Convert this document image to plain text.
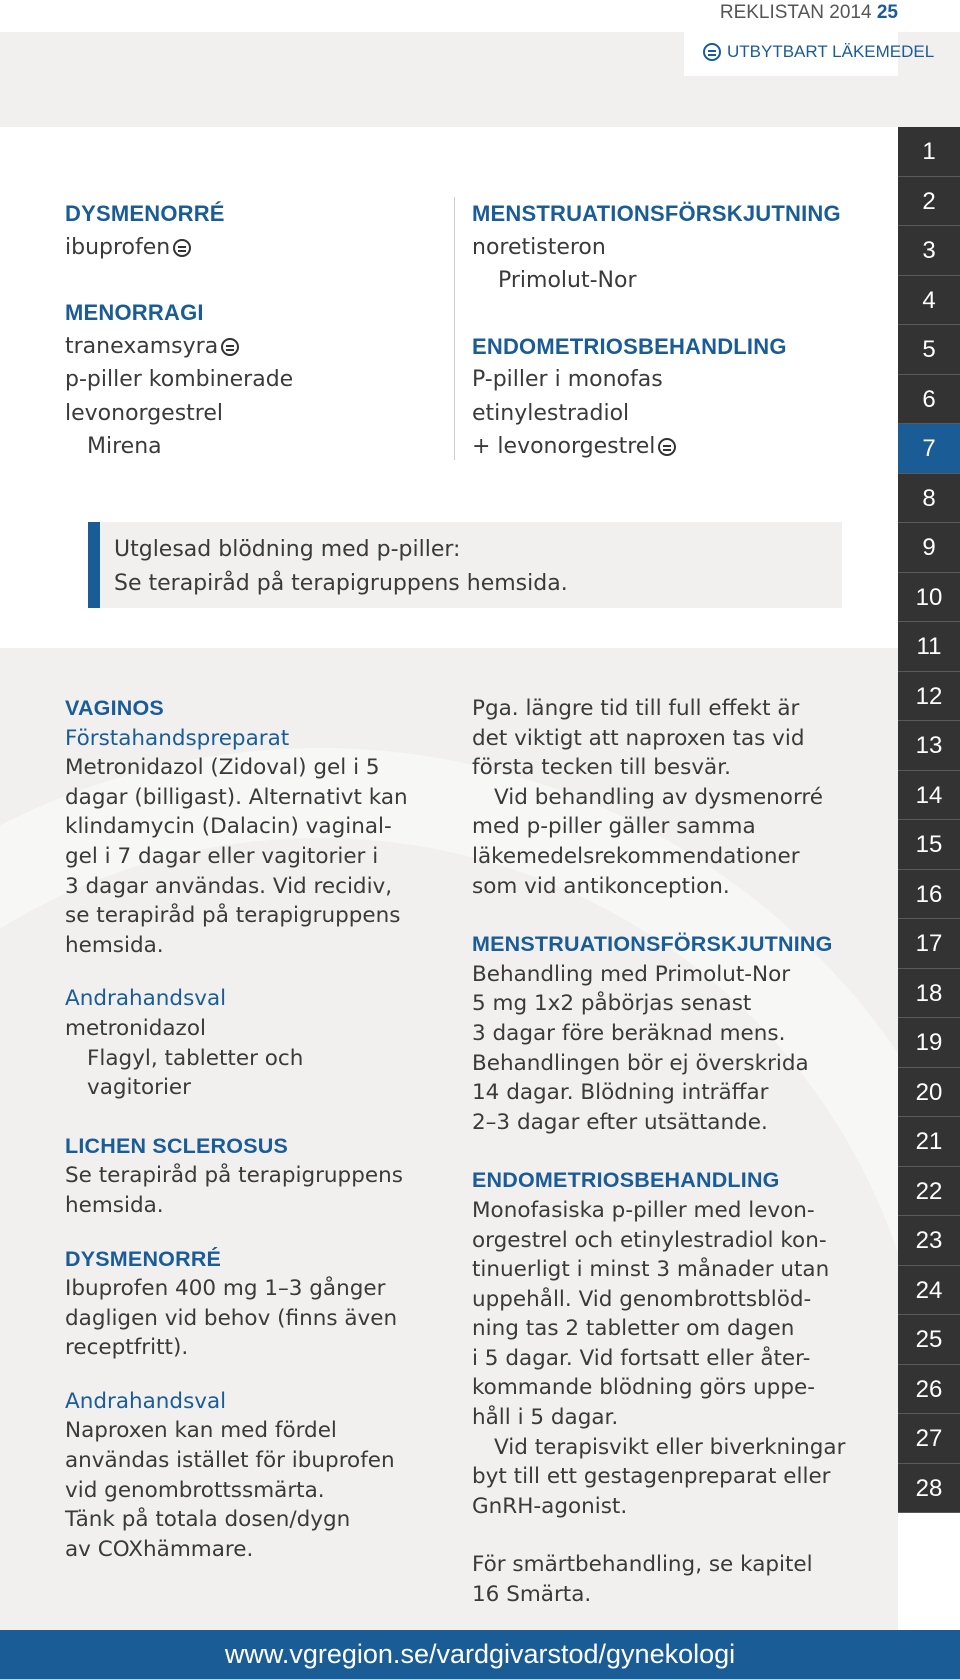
REKLISTAN 2014 25
UTBYTBART LÄKEMEDEL
DYSMENORRÉ
ibuprofen
MENORRAGI
tranexamsyra
p-piller kombinerade
levonorgestrel
Mirena
MENSTRUATIONSFÖRSKJUTNING
noretisteron
Primolut-Nor
ENDOMETRIOSBEHANDLING
P-piller i monofas
etinylestradiol
+ levonorgestrel
Utglesad blödning med p-piller:
Se terapiråd på terapigruppens hemsida.
VAGINOS
Förstahandspreparat
Metronidazol (Zidoval) gel i 5
dagar (billigast). Alternativt kan
klindamycin (Dalacin) vaginal-
gel i 7 dagar eller vagitorier i
3 dagar användas. Vid recidiv,
se terapiråd på terapigruppens
hemsida.
Andrahandsval
metronidazol
Flagyl, tabletter och
vagitorier
LICHEN SCLEROSUS
Se terapiråd på terapigruppens
hemsida.
DYSMENORRÉ
Ibuprofen 400 mg 1–3 gånger
dagligen vid behov (finns även
receptfritt).
Andrahandsval
Naproxen kan med fördel
användas istället för ibuprofen
vid genombrottssmärta.
Tänk på totala dosen/dygn
av COXhämmare.
Pga. längre tid till full effekt är
det viktigt att naproxen tas vid
första tecken till besvär.
Vid behandling av dysmenorré
med p-piller gäller samma
läkemedelsrekommendationer
som vid antikonception.
MENSTRUATIONSFÖRSKJUTNING
Behandling med Primolut-Nor
5 mg 1x2 påbörjas senast
3 dagar före beräknad mens.
Behandlingen bör ej överskrida
14 dagar. Blödning inträffar
2–3 dagar efter utsättande.
ENDOMETRIOSBEHANDLING
Monofasiska p-piller med levon-
orgestrel och etinylestradiol kon-
tinuerligt i minst 3 månader utan
uppehåll. Vid genombrottsblöd-
ning tas 2 tabletter om dagen
i 5 dagar. Vid fortsatt eller åter-
kommande blödning görs uppe-
håll i 5 dagar.
Vid terapisvikt eller biverkningar
byt till ett gestagenpreparat eller
GnRH-agonist.
För smärtbehandling, se kapitel
16 Smärta.
1
2
3
4
5
6
7
8
9
10
11
12
13
14
15
16
17
18
19
20
21
22
23
24
25
26
27
28
www.vgregion.se/vardgivarstod/gynekologi
